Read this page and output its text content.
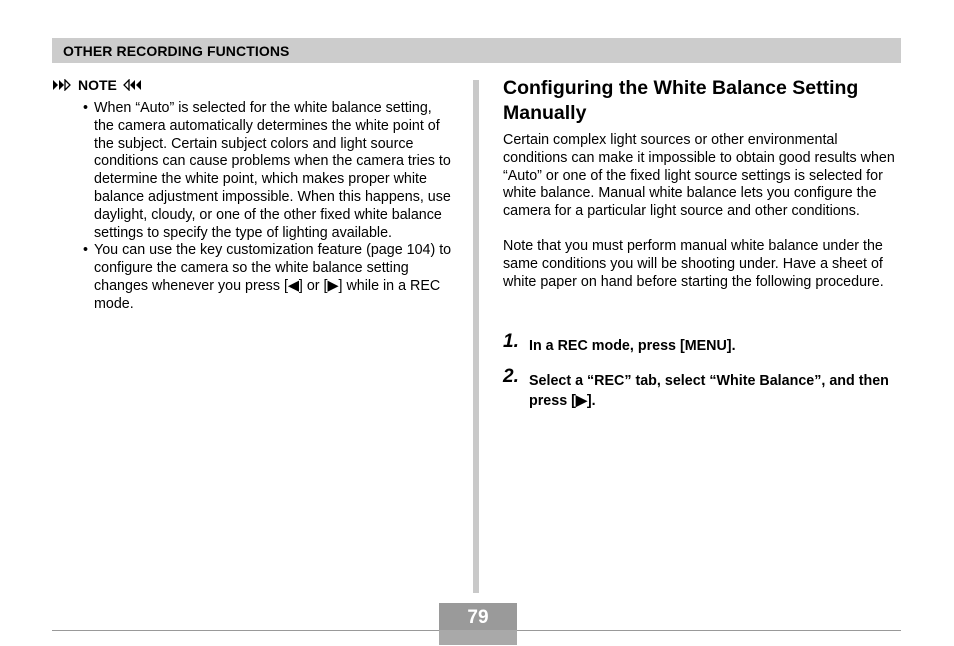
OTHER RECORDING FUNCTIONS
NOTE
• When “Auto” is selected for the white balance setting, the camera automatically determines the white point of the subject. Certain subject colors and light source conditions can cause problems when the camera tries to determine the white point, which makes proper white balance adjustment impossible. When this happens, use daylight, cloudy, or one of the other fixed white balance settings to specify the type of lighting available.
• You can use the key customization feature (page 104) to configure the camera so the white balance setting changes whenever you press [◀] or [▶] while in a REC mode.
Configuring the White Balance Setting Manually

Certain complex light sources or other environmental conditions can make it impossible to obtain good results when “Auto” or one of the fixed light source settings is selected for white balance. Manual white balance lets you configure the camera for a particular light source and other conditions.

Note that you must perform manual white balance under the same conditions you will be shooting under. Have a sheet of white paper on hand before starting the following procedure.

1. In a REC mode, press [MENU].
2. Select a “REC” tab, select “White Balance”, and then press [▶].
79
